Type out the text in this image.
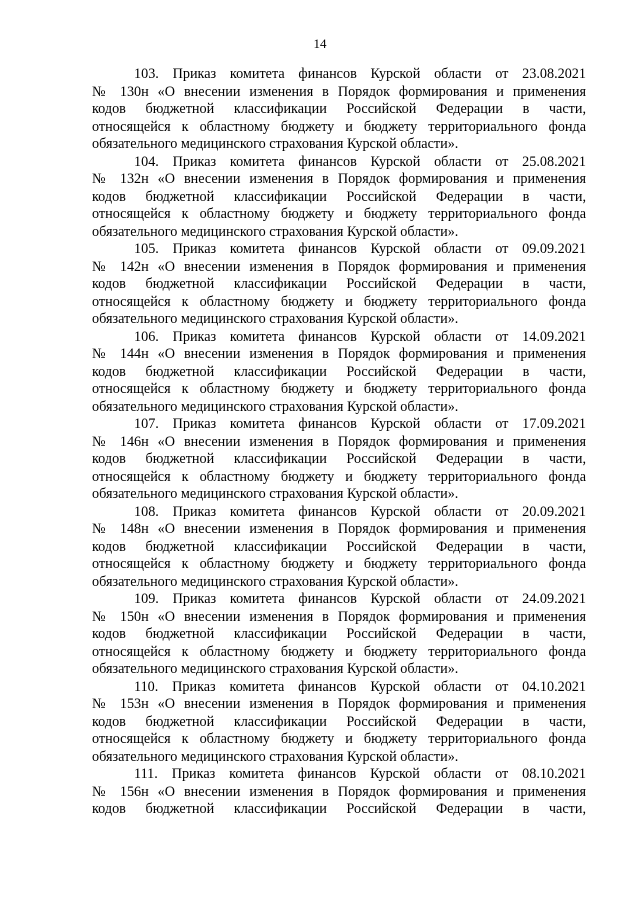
14
103. Приказ комитета финансов Курской области от 23.08.2021
№ 130н «О внесении изменения в Порядок формирования и применения
кодов бюджетной классификации Российской Федерации в части,
относящейся к областному бюджету и бюджету территориального фонда
обязательного медицинского страхования Курской области».
104. Приказ комитета финансов Курской области от 25.08.2021
№ 132н «О внесении изменения в Порядок формирования и применения
кодов бюджетной классификации Российской Федерации в части,
относящейся к областному бюджету и бюджету территориального фонда
обязательного медицинского страхования Курской области».
105. Приказ комитета финансов Курской области от 09.09.2021
№ 142н «О внесении изменения в Порядок формирования и применения
кодов бюджетной классификации Российской Федерации в части,
относящейся к областному бюджету и бюджету территориального фонда
обязательного медицинского страхования Курской области».
106. Приказ комитета финансов Курской области от 14.09.2021
№ 144н «О внесении изменения в Порядок формирования и применения
кодов бюджетной классификации Российской Федерации в части,
относящейся к областному бюджету и бюджету территориального фонда
обязательного медицинского страхования Курской области».
107. Приказ комитета финансов Курской области от 17.09.2021
№ 146н «О внесении изменения в Порядок формирования и применения
кодов бюджетной классификации Российской Федерации в части,
относящейся к областному бюджету и бюджету территориального фонда
обязательного медицинского страхования Курской области».
108. Приказ комитета финансов Курской области от 20.09.2021
№ 148н «О внесении изменения в Порядок формирования и применения
кодов бюджетной классификации Российской Федерации в части,
относящейся к областному бюджету и бюджету территориального фонда
обязательного медицинского страхования Курской области».
109. Приказ комитета финансов Курской области от 24.09.2021
№ 150н «О внесении изменения в Порядок формирования и применения
кодов бюджетной классификации Российской Федерации в части,
относящейся к областному бюджету и бюджету территориального фонда
обязательного медицинского страхования Курской области».
110. Приказ комитета финансов Курской области от 04.10.2021
№ 153н «О внесении изменения в Порядок формирования и применения
кодов бюджетной классификации Российской Федерации в части,
относящейся к областному бюджету и бюджету территориального фонда
обязательного медицинского страхования Курской области».
111. Приказ комитета финансов Курской области от 08.10.2021
№ 156н «О внесении изменения в Порядок формирования и применения
кодов бюджетной классификации Российской Федерации в части,
